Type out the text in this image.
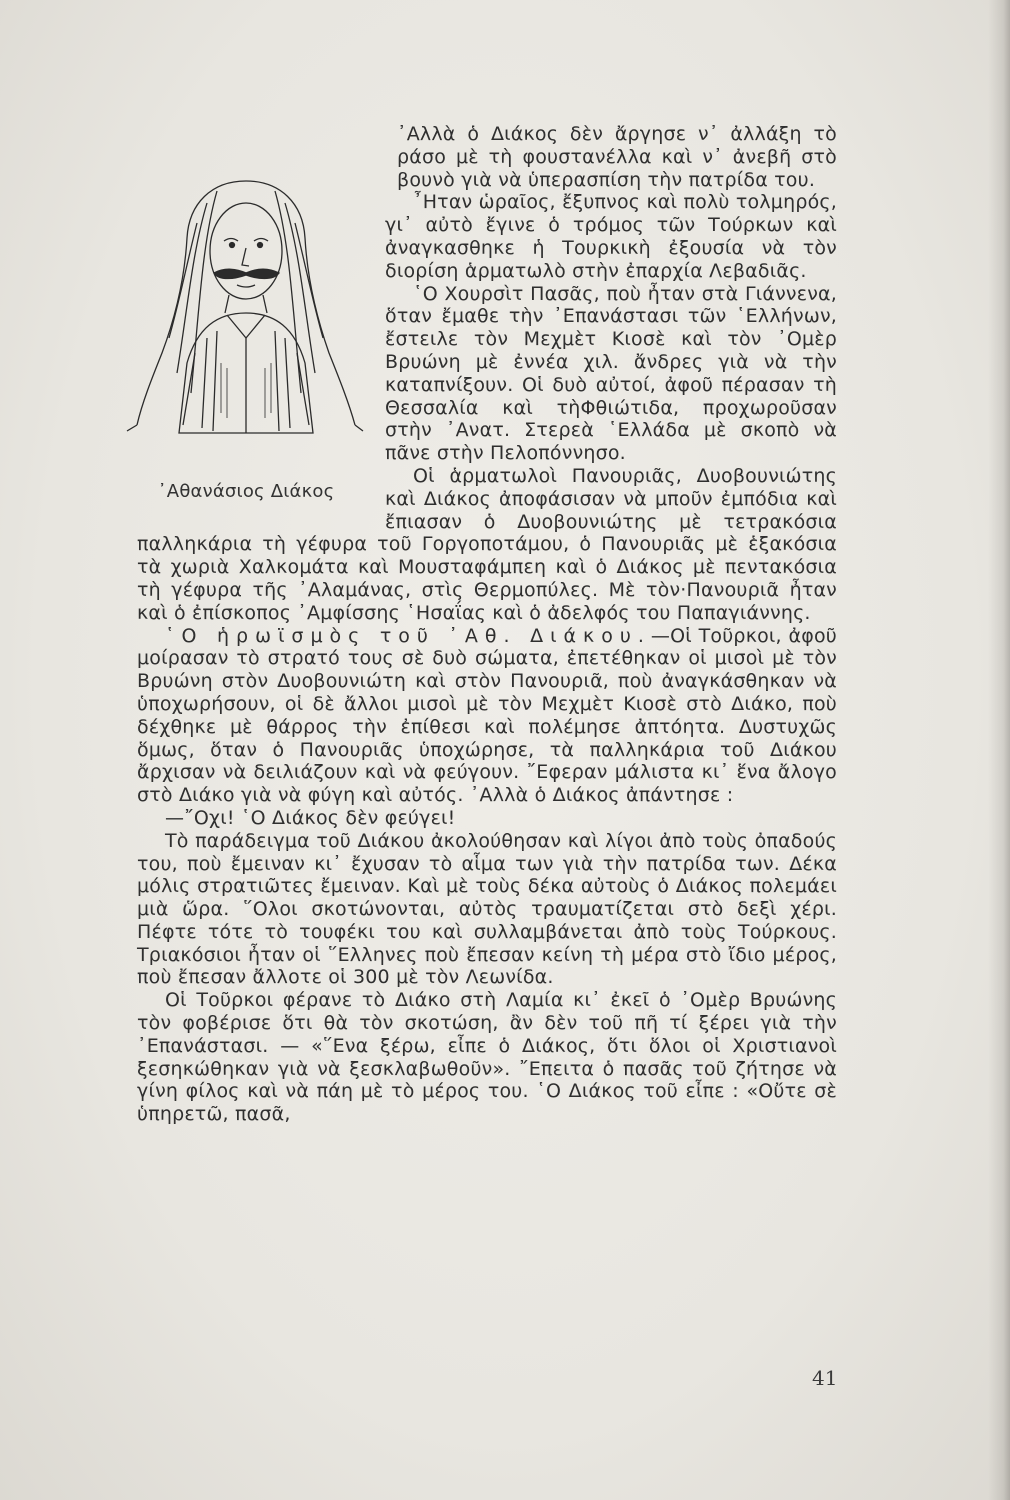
᾿Αλλὰ ὁ Διάκος δὲν ἄργησε ν᾿ ἀλλάξη τὸ ράσο μὲ τὴ φουστανέλλα καὶ ν᾿ ἀνεβῆ στὸ βουνὸ γιὰ νὰ ὑπερασπίση τὴν πατρίδα του.

᾿Αθανάσιος Διάκος

῏Ηταν ὡραῖος, ἔξυπνος καὶ πολὺ τολμηρός, γι᾿ αὐτὸ ἔγινε ὁ τρόμος τῶν Τούρκων καὶ ἀναγκασθηκε ἡ Τουρκικὴ ἐξουσία νὰ τὸν διορίση ἁρματωλὸ στὴν ἐπαρχία Λεβαδιᾶς.

῾Ο Χουρσὶτ Πασᾶς, ποὺ ἦταν στὰ Γιάννενα, ὅταν ἔμαθε τὴν ᾿Επανάστασι τῶν ῾Ελλήνων, ἔστειλε τὸν Μεχμὲτ Κιοσὲ καὶ τὸν ᾿Ομὲρ Βρυώνη μὲ ἐννέα χιλ. ἄνδρες γιὰ νὰ τὴν καταπνίξουν. Οἱ δυὸ αὐτοί, ἀφοῦ πέρασαν τὴ Θεσσαλία καὶ τὴΦθιώτιδα, προχωροῦσαν στὴν ᾿Ανατ. Στερεὰ ῾Ελλάδα μὲ σκοπὸ νὰ πᾶνε στὴν Πελοπόννησο.

Οἱ ἁρματωλοὶ Πανουριᾶς, Δυοβουνιώτης καὶ Διάκος ἀποφάσισαν νὰ μποῦν ἐμπόδια καὶ ἔπιασαν ὁ Δυοβουνιώτης μὲ τετρακόσια παλληκάρια τὴ γέφυρα τοῦ Γοργοποτάμου, ὁ Πανουριᾶς μὲ ἑξακόσια τὰ χωριὰ Χαλκομάτα καὶ Μουσταφάμπεη καὶ ὁ Διάκος μὲ πεντακόσια τὴ γέφυρα τῆς ᾿Αλαμάνας, στὶς Θερμοπύλες. Μὲ τὸν·Πανουριᾶ ἦταν καὶ ὁ ἐπίσκοπος ᾿Αμφίσσης ῾Ησαΐας καὶ ὁ ἀδελφός του Παπαγιάννης.

῾Ο ἡρωϊσμὸς τοῦ ᾿Αθ. Διάκου.—Οἱ Τοῦρκοι, ἀφοῦ μοίρασαν τὸ στρατό τους σὲ δυὸ σώματα, ἐπετέθηκαν οἱ μισοὶ μὲ τὸν Βρυώνη στὸν Δυοβουνιώτη καὶ στὸν Πανουριᾶ, ποὺ ἀναγκάσθηκαν νὰ ὑποχωρήσουν, οἱ δὲ ἄλλοι μισοὶ μὲ τὸν Μεχμὲτ Κιοσὲ στὸ Διάκο, ποὺ δέχθηκε μὲ θάρρος τὴν ἐπίθεσι καὶ πολέμησε ἀπτόητα. Δυστυχῶς ὅμως, ὅταν ὁ Πανουριᾶς ὑποχώρησε, τὰ παλληκάρια τοῦ Διάκου ἄρχισαν νὰ δειλιάζουν καὶ νὰ φεύγουν. ῎Εφεραν μάλιστα κι᾿ ἕνα ἄλογο στὸ Διάκο γιὰ νὰ φύγη καὶ αὐτός. ᾿Αλλὰ ὁ Διάκος ἀπάντησε :

—῎Οχι! ῾Ο Διάκος δὲν φεύγει!

Τὸ παράδειγμα τοῦ Διάκου ἀκολούθησαν καὶ λίγοι ἀπὸ τοὺς ὀπαδούς του, ποὺ ἔμειναν κι᾿ ἔχυσαν τὸ αἷμα των γιὰ τὴν πατρίδα των. Δέκα μόλις στρατιῶτες ἔμειναν. Καὶ μὲ τοὺς δέκα αὐτοὺς ὁ Διάκος πολεμάει μιὰ ὥρα. ῞Ολοι σκοτώνονται, αὐτὸς τραυματίζεται στὸ δεξὶ χέρι. Πέφτε τότε τὸ τουφέκι του καὶ συλλαμβάνεται ἀπὸ τοὺς Τούρκους. Τριακόσιοι ἦταν οἱ ῞Ελληνες ποὺ ἔπεσαν κείνη τὴ μέρα στὸ ἴδιο μέρος, ποὺ ἔπεσαν ἄλλοτε οἱ 300 μὲ τὸν Λεωνίδα.

Οἱ Τοῦρκοι φέρανε τὸ Διάκο στὴ Λαμία κι᾿ ἐκεῖ ὁ ᾿Ομὲρ Βρυώνης τὸν φοβέρισε ὅτι θὰ τὸν σκοτώση, ἂν δὲν τοῦ πῆ τί ξέρει γιὰ τὴν ᾿Επανάστασι. — «῞Ενα ξέρω, εἶπε ὁ Διάκος, ὅτι ὅλοι οἱ Χριστιανοὶ ξεσηκώθηκαν γιὰ νὰ ξεσκλαβωθοῦν». ῎Επειτα ὁ πασᾶς τοῦ ζήτησε νὰ γίνη φίλος καὶ νὰ πάη μὲ τὸ μέρος του. ῾Ο Διάκος τοῦ εἶπε : «Οὔτε σὲ ὑπηρετῶ, πασᾶ,

41
